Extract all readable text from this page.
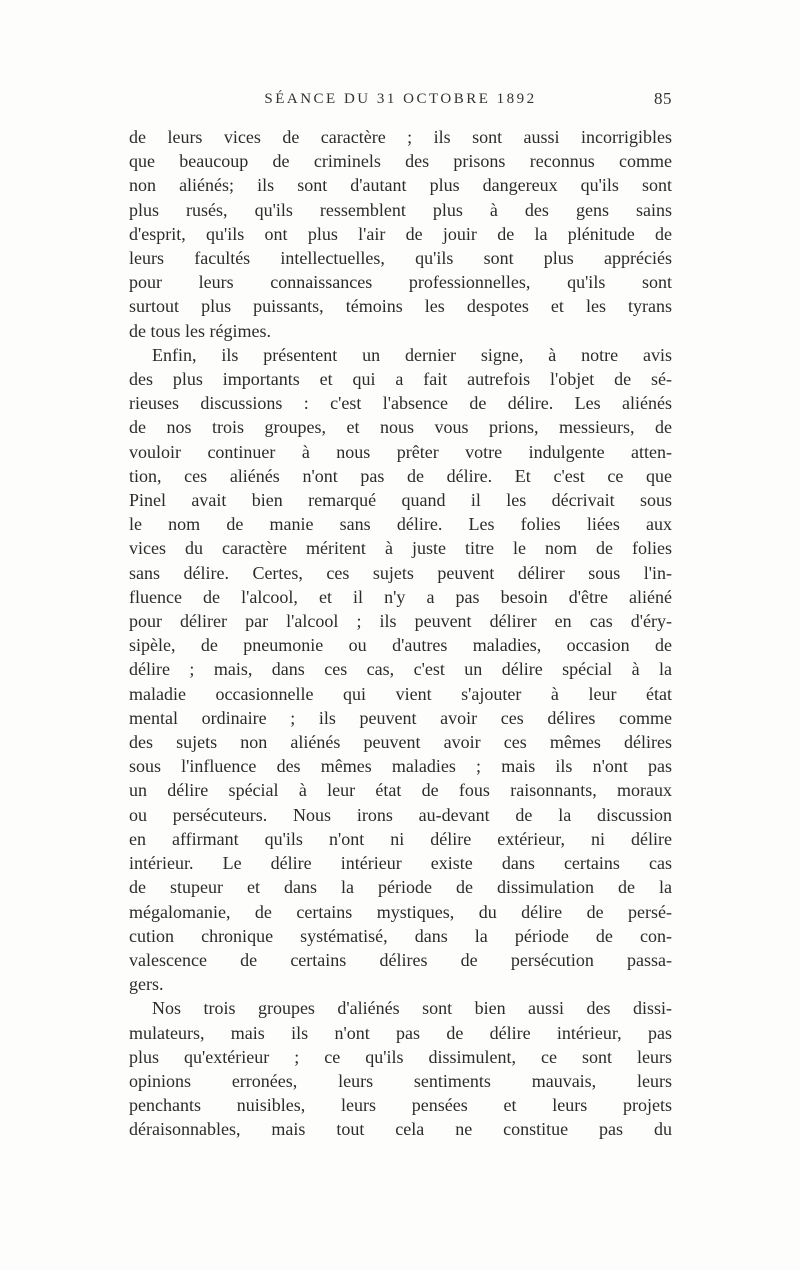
SÉANCE DU 31 OCTOBRE 1892	85
de leurs vices de caractère ; ils sont aussi incorrigibles
que beaucoup de criminels des prisons reconnus comme
non aliénés; ils sont d'autant plus dangereux qu'ils sont
plus rusés, qu'ils ressemblent plus à des gens sains
d'esprit, qu'ils ont plus l'air de jouir de la plénitude de
leurs facultés intellectuelles, qu'ils sont plus appréciés
pour leurs connaissances professionnelles, qu'ils sont
surtout plus puissants, témoins les despotes et les tyrans
de tous les régimes.
Enfin, ils présentent un dernier signe, à notre avis
des plus importants et qui a fait autrefois l'objet de sé-
rieuses discussions : c'est l'absence de délire. Les aliénés
de nos trois groupes, et nous vous prions, messieurs, de
vouloir continuer à nous prêter votre indulgente atten-
tion, ces aliénés n'ont pas de délire. Et c'est ce que
Pinel avait bien remarqué quand il les décrivait sous
le nom de manie sans délire. Les folies liées aux
vices du caractère méritent à juste titre le nom de folies
sans délire. Certes, ces sujets peuvent délirer sous l'in-
fluence de l'alcool, et il n'y a pas besoin d'être aliéné
pour délirer par l'alcool ; ils peuvent délirer en cas d'éry-
sipèle, de pneumonie ou d'autres maladies, occasion de
délire ; mais, dans ces cas, c'est un délire spécial à la
maladie occasionnelle qui vient s'ajouter à leur état
mental ordinaire ; ils peuvent avoir ces délires comme
des sujets non aliénés peuvent avoir ces mêmes délires
sous l'influence des mêmes maladies ; mais ils n'ont pas
un délire spécial à leur état de fous raisonnants, moraux
ou persécuteurs. Nous irons au-devant de la discussion
en affirmant qu'ils n'ont ni délire extérieur, ni délire
intérieur. Le délire intérieur existe dans certains cas
de stupeur et dans la période de dissimulation de la
mégalomanie, de certains mystiques, du délire de persé-
cution chronique systématisé, dans la période de con-
valescence de certains délires de persécution passa-
gers.
Nos trois groupes d'aliénés sont bien aussi des dissi-
mulateurs, mais ils n'ont pas de délire intérieur, pas
plus qu'extérieur ; ce qu'ils dissimulent, ce sont leurs
opinions erronées, leurs sentiments mauvais, leurs
penchants nuisibles, leurs pensées et leurs projets
déraisonnables, mais tout cela ne constitue pas du
